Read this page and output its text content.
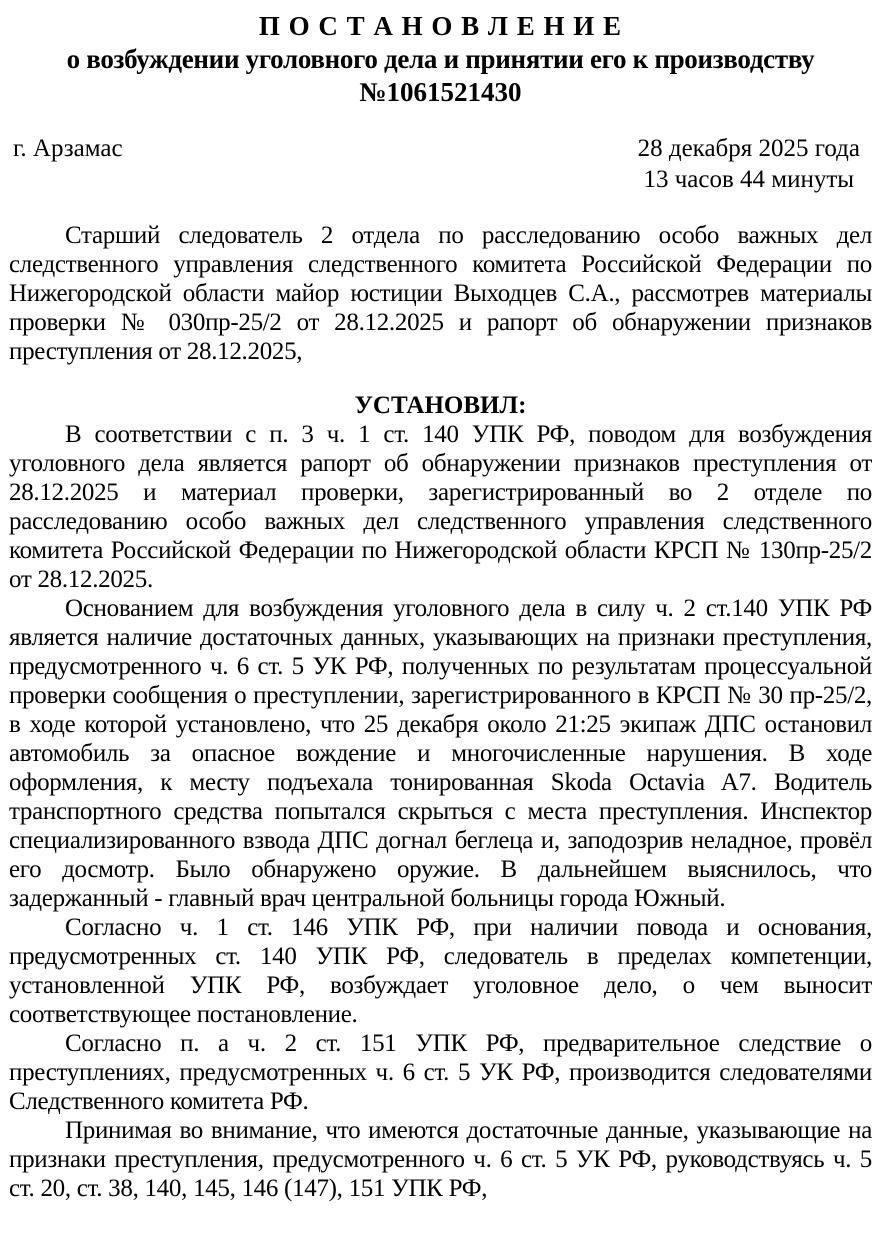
П О С Т А Н О В Л Е Н И Е
о возбуждении уголовного дела и принятии его к производству
№1061521430
г. Арзамас	28 декабря 2025 года
13 часов 44 минуты

Старший следователь 2 отдела по расследованию особо важных дел следственного управления следственного комитета Российской Федерации по Нижегородской области майор юстиции Выходцев С.А., рассмотрев материалы проверки № 030пр-25/2 от 28.12.2025 и рапорт об обнаружении признаков преступления от 28.12.2025,

УСТАНОВИЛ:

В соответствии с п. 3 ч. 1 ст. 140 УПК РФ, поводом для возбуждения уголовного дела является рапорт об обнаружении признаков преступления от 28.12.2025 и материал проверки, зарегистрированный во 2 отделе по расследованию особо важных дел следственного управления следственного комитета Российской Федерации по Нижегородской области КРСП № 130пр-25/2 от 28.12.2025.

Основанием для возбуждения уголовного дела в силу ч. 2 ст.140 УПК РФ является наличие достаточных данных, указывающих на признаки преступления, предусмотренного ч. 6 ст. 5 УК РФ, полученных по результатам процессуальной проверки сообщения о преступлении, зарегистрированного в КРСП № 30 пр-25/2, в ходе которой установлено, что 25 декабря около 21:25 экипаж ДПС остановил автомобиль за опасное вождение и многочисленные нарушения. В ходе оформления, к месту подъехала тонированная Skoda Octavia A7. Водитель транспортного средства попытался скрыться с места преступления. Инспектор специализированного взвода ДПС догнал беглеца и, заподозрив неладное, провёл его досмотр. Было обнаружено оружие. В дальнейшем выяснилось, что задержанный - главный врач центральной больницы города Южный.

Согласно ч. 1 ст. 146 УПК РФ, при наличии повода и основания, предусмотренных ст. 140 УПК РФ, следователь в пределах компетенции, установленной УПК РФ, возбуждает уголовное дело, о чем выносит соответствующее постановление.

Согласно п. а ч. 2 ст. 151 УПК РФ, предварительное следствие о преступлениях, предусмотренных ч. 6 ст. 5 УК РФ, производится следователями Следственного комитета РФ.

Принимая во внимание, что имеются достаточные данные, указывающие на признаки преступления, предусмотренного ч. 6 ст. 5 УК РФ, руководствуясь ч. 5 ст. 20, ст. 38, 140, 145, 146 (147), 151 УПК РФ,
